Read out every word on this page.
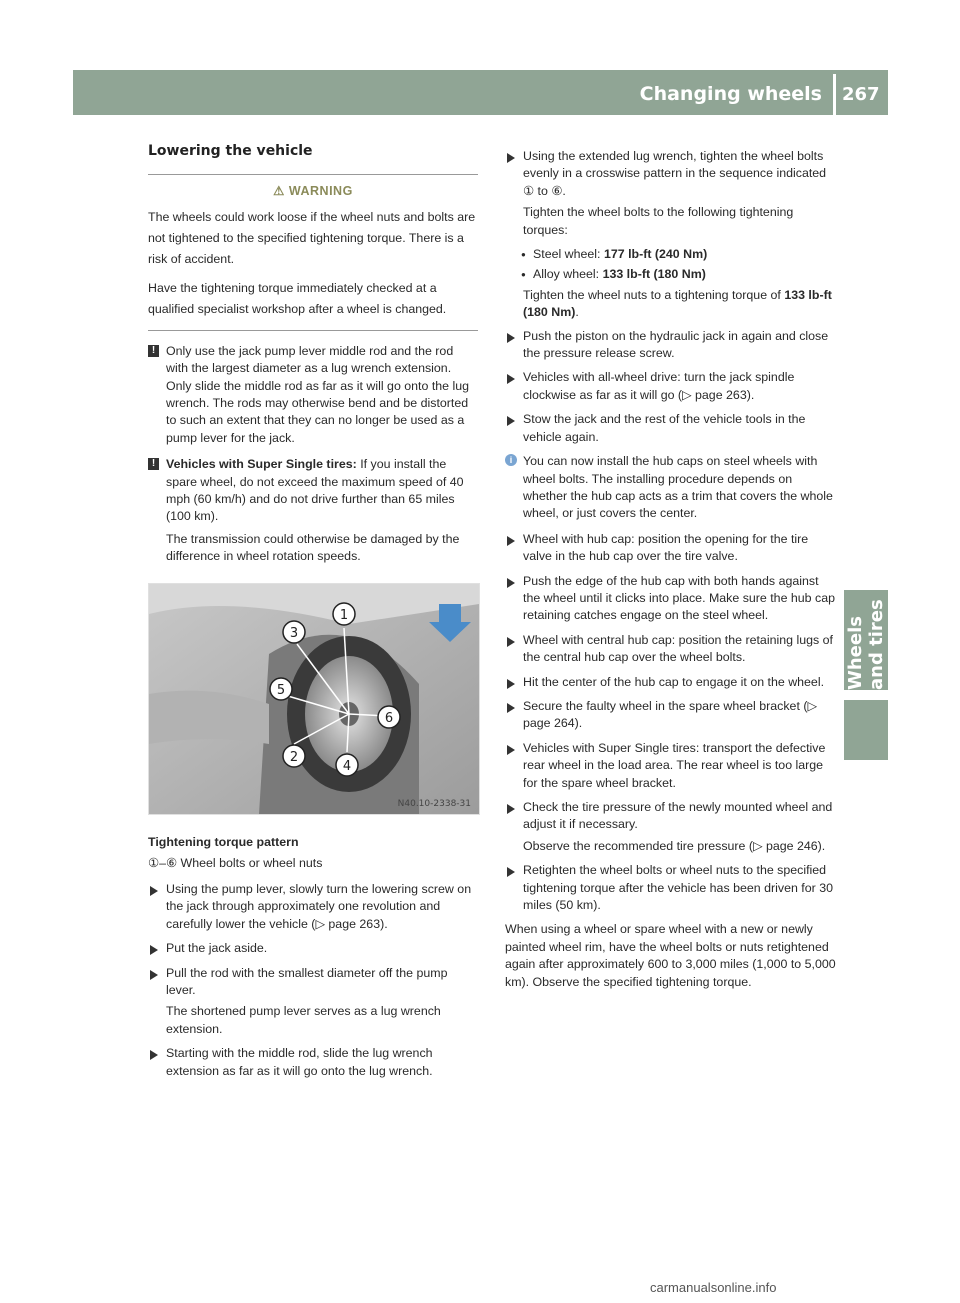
Changing wheels 267
Wheels and tires
Lowering the vehicle
⚠ WARNING

The wheels could work loose if the wheel nuts and bolts are not tightened to the specified tightening torque. There is a risk of accident.

Have the tightening torque immediately checked at a qualified specialist workshop after a wheel is changed.

! Only use the jack pump lever middle rod and the rod with the largest diameter as a lug wrench extension. Only slide the middle rod as far as it will go onto the lug wrench. The rods may otherwise bend and be distorted to such an extent that they can no longer be used as a pump lever for the jack.
! Vehicles with Super Single tires: If you install the spare wheel, do not exceed the maximum speed of 40 mph (60 km/h) and do not drive further than 65 miles (100 km).
The transmission could otherwise be damaged by the difference in wheel rotation speeds.
1
2
3
4
5
6
N40.10-2338-31
Tightening torque pattern
①–⑥ Wheel bolts or wheel nuts
Using the pump lever, slowly turn the lowering screw on the jack through approximately one revolution and carefully lower the vehicle (▷ page 263).
Put the jack aside.
Pull the rod with the smallest diameter off the pump lever.
The shortened pump lever serves as a lug wrench extension.
Starting with the middle rod, slide the lug wrench extension as far as it will go onto the lug wrench.
Using the extended lug wrench, tighten the wheel bolts evenly in a crosswise pattern in the sequence indicated ① to ⑥.
Tighten the wheel bolts to the following tightening torques:
● Steel wheel: 177 lb-ft (240 Nm)
● Alloy wheel: 133 lb-ft (180 Nm)
Tighten the wheel nuts to a tightening torque of 133 lb-ft (180 Nm).
Push the piston on the hydraulic jack in again and close the pressure release screw.
Vehicles with all-wheel drive: turn the jack spindle clockwise as far as it will go (▷ page 263).
Stow the jack and the rest of the vehicle tools in the vehicle again.
i You can now install the hub caps on steel wheels with wheel bolts. The installing procedure depends on whether the hub cap acts as a trim that covers the whole wheel, or just covers the center.
Wheel with hub cap: position the opening for the tire valve in the hub cap over the tire valve.
Push the edge of the hub cap with both hands against the wheel until it clicks into place. Make sure the hub cap retaining catches engage on the steel wheel.
Wheel with central hub cap: position the retaining lugs of the central hub cap over the wheel bolts.
Hit the center of the hub cap to engage it on the wheel.
Secure the faulty wheel in the spare wheel bracket (▷ page 264).
Vehicles with Super Single tires: transport the defective rear wheel in the load area. The rear wheel is too large for the spare wheel bracket.
Check the tire pressure of the newly mounted wheel and adjust it if necessary.
Observe the recommended tire pressure (▷ page 246).
Retighten the wheel bolts or wheel nuts to the specified tightening torque after the vehicle has been driven for 30 miles (50 km).

When using a wheel or spare wheel with a new or newly painted wheel rim, have the wheel bolts or nuts retightened again after approximately 600 to 3,000 miles (1,000 to 5,000 km). Observe the specified tightening torque.

carmanualsonline.info
